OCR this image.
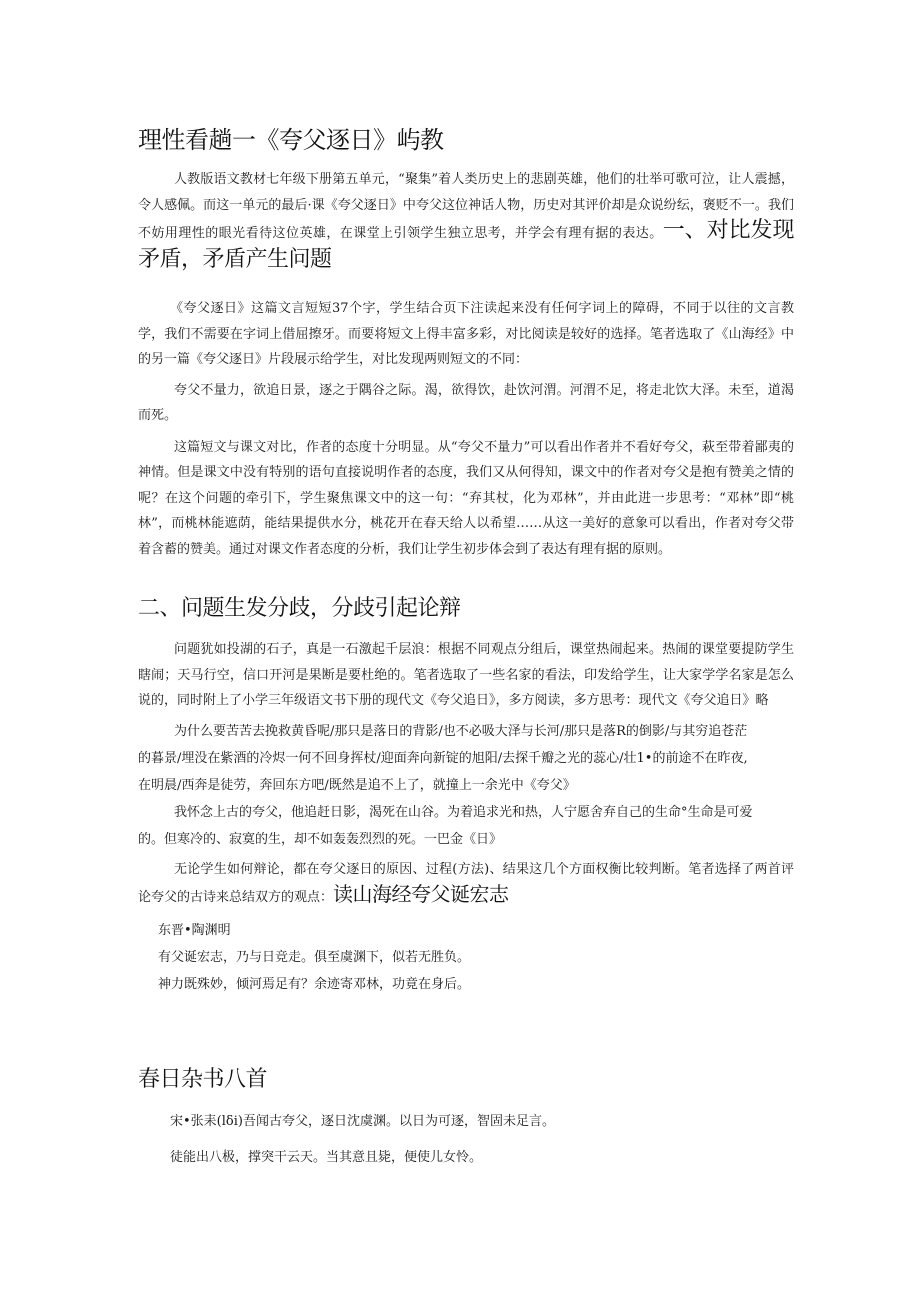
理性看趟一《夸父逐日》屿教

人教版语文教材七年级下册第五单元，“聚集”着人类历史上的悲剧英雄，他们的壮举可歌可泣，让人震撼，令人感佩。而这一单元的最后·课《夸父逐日》中夸父这位神话人物，历史对其评价却是众说纷纭，褒贬不一。我们不妨用理性的眼光看待这位英雄，在课堂上引领学生独立思考，并学会有理有据的表达。一、对比发现矛盾，矛盾产生问题

《夸父逐日》这篇文言短短37个字，学生结合页下注读起来没有任何字词上的障碍，不同于以往的文言教学，我们不需要在字词上借屈擦牙。而要将短文上得丰富多彩，对比阅读是较好的选择。笔者选取了《山海经》中的另一篇《夸父逐日》片段展示给学生，对比发现两则短文的不同：

夸父不量力，欲追日景，逐之于隅谷之际。渴，欲得饮，赴饮河渭。河渭不足，将走北饮大泽。未至，道渴而死。

这篇短文与课文对比，作者的态度十分明显。从“夸父不量力”可以看出作者并不看好夸父，萩至带着鄙夷的神情。但是课文中没有特别的语句直接说明作者的态度，我们又从何得知，课文中的作者对夸父是抱有赞美之情的呢？在这个问题的牵引下，学生聚焦课文中的这一句：“弃其杖，化为邓林”，并由此进一步思考：“邓林”即“桃林”，而桃林能遮荫，能结果提供水分，桃花开在春天给人以希望……从这一美好的意象可以看出，作者对夸父带着含蓄的赞美。通过对课文作者态度的分析，我们让学生初步体会到了表达有理有据的原则。

二、问题生发分歧，分歧引起论辩

问题犹如投湖的石子，真是一石激起千层浪：根据不同观点分组后，课堂热闹起来。热闹的课堂要提防学生瞎闹；天马行空，信口开河是果断是要杜绝的。笔者选取了一些名家的看法，印发给学生，让大家学学名家是怎么说的，同时附上了小学三年级语文书下册的现代文《夸父追日》，多方阅读，多方思考：现代文《夸父追日》略

为什么要苦苦去挽救黄昏呢/那只是落日的背影/也不必吸大泽与长河/那只是落R的倒影/与其穷追苍茫

的暮景/埋没在紫酒的冷烬一何不回身挥杖/迎面奔向新锭的旭阳/去探千瓣之光的蕊心/壮1•的前途不在昨夜,

在明晨/西奔是徒劳，奔回东方吧/既然是追不上了，就撞上一余光中《夸父》

我怀念上古的夸父，他追赶日影，渴死在山谷。为着追求光和热，人宁愿舍弃自己的生命°生命是可爱

的。但寒冷的、寂寞的生，却不如轰轰烈烈的死。一巴金《日》

无论学生如何辩论，都在夸父逐日的原因、过程(方法)、结果这几个方面权衡比较判断。笔者选择了两首评论夸父的古诗来总结双方的观点：读山海经夸父诞宏志

东晋•陶渊明

有父诞宏志，乃与日竞走。俱至虞渊下，似若无胜负。

神力既殊妙，倾河焉足有？余迹寄邓林，功竟在身后。

春日杂书八首

宋•张耒(lδi)吾闻古夸父，逐日沈虞渊。以日为可逐，智固未足言。

徒能出八极，撑突干云天。当其意且毙，便使儿女怜。
